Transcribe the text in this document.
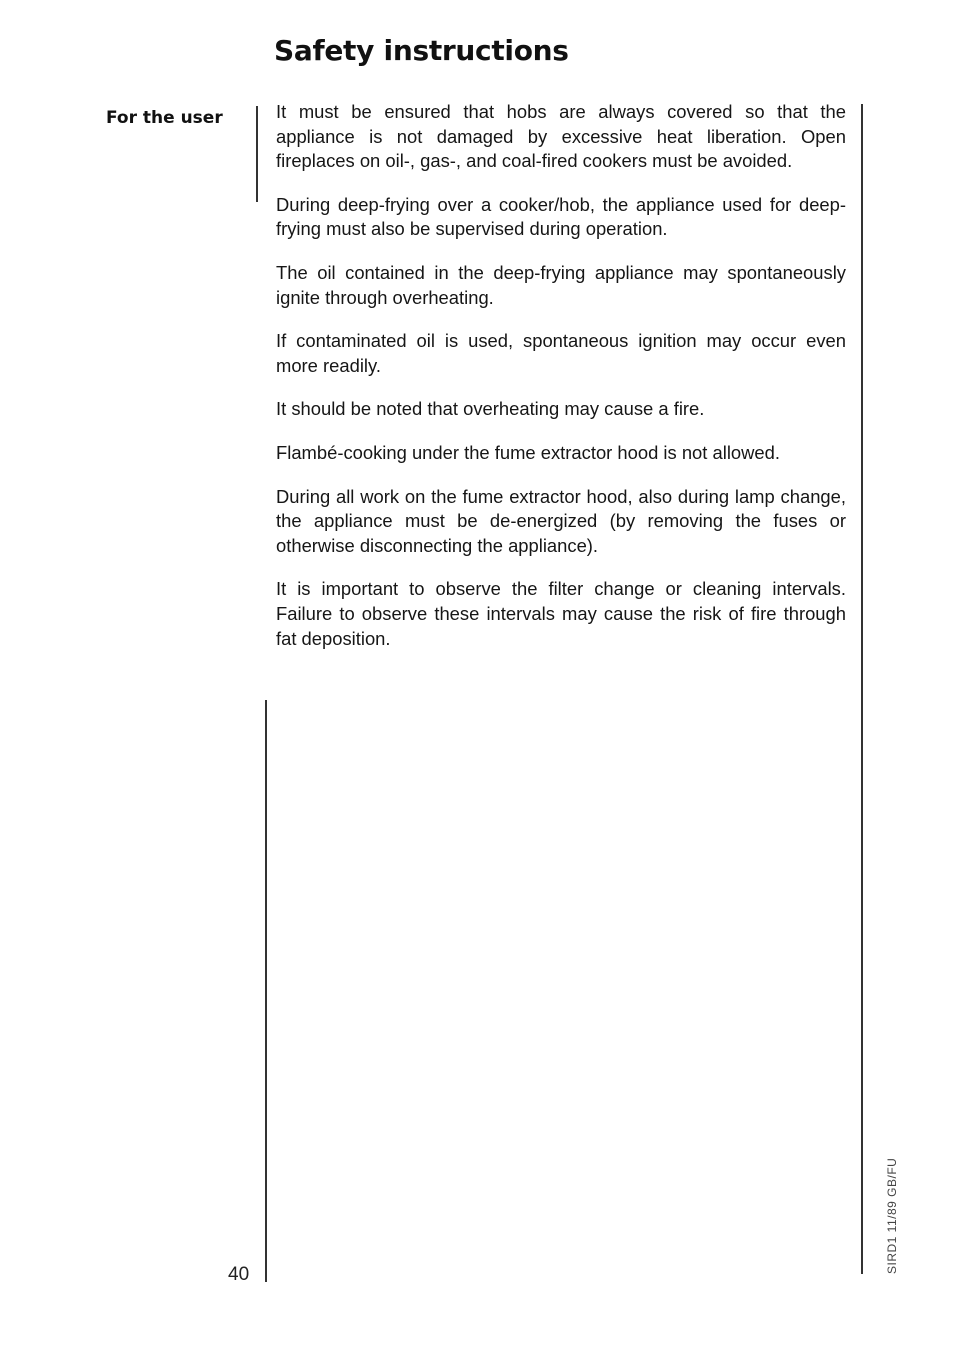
Safety instructions
For the user	It must be ensured that hobs are always covered so that the appliance is not damaged by excessive heat liberation. Open fireplaces on oil-, gas-, and coal-fired cookers must be avoided.

During deep-frying over a cooker/hob, the appliance used for deep-frying must also be supervised during operation.

The oil contained in the deep-frying appliance may spontaneously ignite through overheating.

If contaminated oil is used, spontaneous ignition may occur even more readily.

It should be noted that overheating may cause a fire.

Flambé-cooking under the fume extractor hood is not allowed.

During all work on the fume extractor hood, also during lamp change, the appliance must be de-energized (by removing the fuses or otherwise disconnecting the appliance).

It is important to observe the filter change or cleaning intervals. Failure to observe these intervals may cause the risk of fire through fat deposition.

40
SIRD1 11/89 GB/FU
